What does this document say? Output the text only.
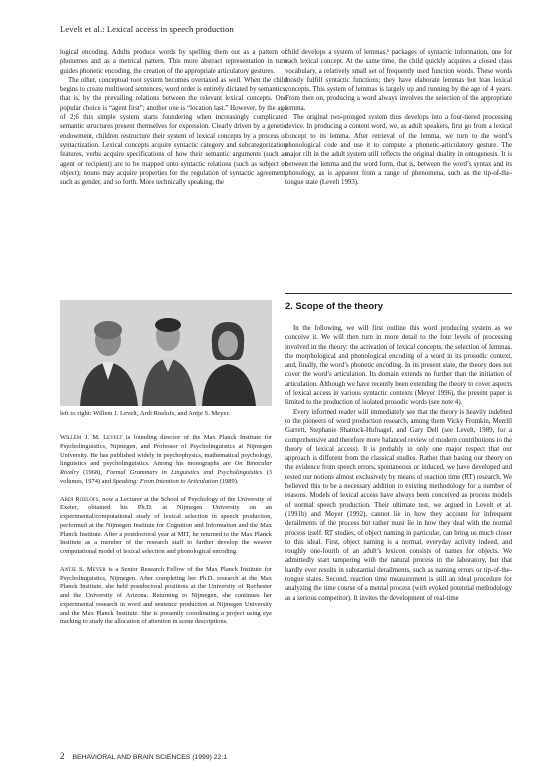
Levelt et al.: Lexical access in speech production

logical encoding. Adults produce words by spelling them out as a pattern of phonemes and as a metrical pattern. This more abstract representation in turn guides phonetic encoding, the creation of the appropriate articulatory gestures.

The other, conceptual root system becomes overtaxed as well. When the child begins to create multiword sentences, word order is entirely dictated by semantics, that is, by the prevailing relations between the relevant lexical concepts. One popular choice is “agent first”; another one is “location last.” However, by the age of 2;6 this simple system starts foundering when increasingly complicated semantic structures present themselves for expression. Clearly driven by a genetic endowment, children restructure their system of lexical concepts by a process of syntactization. Lexical concepts acquire syntactic category and subcategorization features, verbs acquire specifications of how their semantic arguments (such as agent or recipient) are to be mapped onto syntactic relations (such as subject or object); nouns may acquire properties for the regulation of syntactic agreement, such as gender, and so forth. More technically speaking, the

child develops a system of lemmas,¹ packages of syntactic information, one for each lexical concept. At the same time, the child quickly acquires a closed class vocabulary, a relatively small set of frequently used function words. These words mostly fulfill syntactic functions; they have elaborate lemmas but lean lexical concepts. This system of lemmas is largely up and running by the age of 4 years. From then on, producing a word always involves the selection of the appropriate lemma.

The original two-pronged system thus develops into a four-tiered processing device. In producing a content word, we, as adult speakers, first go from a lexical concept to its lemma. After retrieval of the lemma, we turn to the word’s phonological code and use it to compute a phonetic-articulatory gesture. The major rift in the adult system still reflects the original duality in ontogenesis. It is between the lemma and the word form, that is, between the word’s syntax and its phonology, as is apparent from a range of phenomena, such as the tip-of-the-tongue state (Levelt 1993).

2. Scope of the theory

In the following, we will first outline this word producing system as we conceive it. We will then turn in more detail to the four levels of processing involved in the theory: the activation of lexical concepts, the selection of lemmas, the morphological and phonological encoding of a word in its prosodic context, and, finally, the word’s phonetic encoding. In its present state, the theory does not cover the word’s articulation. Its domain extends no further than the initiation of articulation. Although we have recently been extending the theory to cover aspects of lexical access in various syntactic contexts (Meyer 1996), the present paper is limited to the production of isolated prosodic words (see note 4).

Every informed reader will immediately see that the theory is heavily indebted to the pioneers of word production research, among them Vicky Fromkin, Merrill Garrett, Stephanie Shattuck-Hufnagel, and Gary Dell (see Levelt, 1989, for a comprehensive and therefore more balanced review of modern contributions to the theory of lexical access). It is probably in only one major respect that our approach is different from the classical studies. Rather than basing our theory on the evidence from speech errors, spontaneous or induced, we have developed and tested our notions almost exclusively by means of reaction time (RT) research. We believed this to be a necessary addition to existing methodology for a number of reasons. Models of lexical access have always been conceived as process models of normal speech production. Their ultimate test, we argued in Levelt et al. (1991b) and Meyer (1992), cannot lie in how they account for infrequent derailments of the process but rather must lie in how they deal with the normal process itself. RT studies, of object naming in particular, can bring us much closer to this ideal. First, object naming is a normal, everyday activity indeed, and roughly one-fourth of an adult’s lexicon consists of names for objects. We admittedly start tampering with the natural process in the laboratory, but that hardly ever results in substantial derailments, such as naming errors or tip-of-the-tongue states. Second, reaction time measurement is still an ideal procedure for analyzing the time course of a mental process (with evoked potential methodology as a serious competitor). It invites the development of real-time

left to right: Willem J. Levelt, Ardi Roelofs, and Antje S. Meyer.

Willem J. M. Levelt is founding director of the Max Planck Institute for Psycholinguistics, Nijmegen, and Professor of Psycholinguistics at Nijmegen University. He has published widely in psychophysics, mathematical psychology, linguistics and psycholinguistics. Among his monographs are On Binocular Rivalry (1968), Formal Grammars in Linguistics and Psycholinguistics (3 volumes, 1974) and Speaking: From Intention to Articulation (1989).

Ardi Roelofs, now a Lecturer at the School of Psychology of the University of Exeter, obtained his Ph.D. at Nijmegen University on an experimental/computational study of lexical selection in speech production, performed at the Nijmegen Institute for Cognition and Information and the Max Planck Institute. After a postdoctoral year at MIT, he returned to the Max Planck Institute as a member of the research staff to further develop the weaver computational model of lexical selection and phonological encoding.

Antje S. Meyer is a Senior Research Fellow of the Max Planck Institute for Psycholinguistics, Nijmegen. After completing her Ph.D. research at the Max Planck Institute, she held postdoctoral positions at the University of Rochester and the University of Arizona. Returning to Nijmegen, she continues her experimental research in word and sentence production at Nijmegen University and the Max Planck Institute. She is presently coordinating a project using eye tracking to study the allocation of attention in scene descriptions.

2 BEHAVIORAL AND BRAIN SCIENCES (1999) 22:1
